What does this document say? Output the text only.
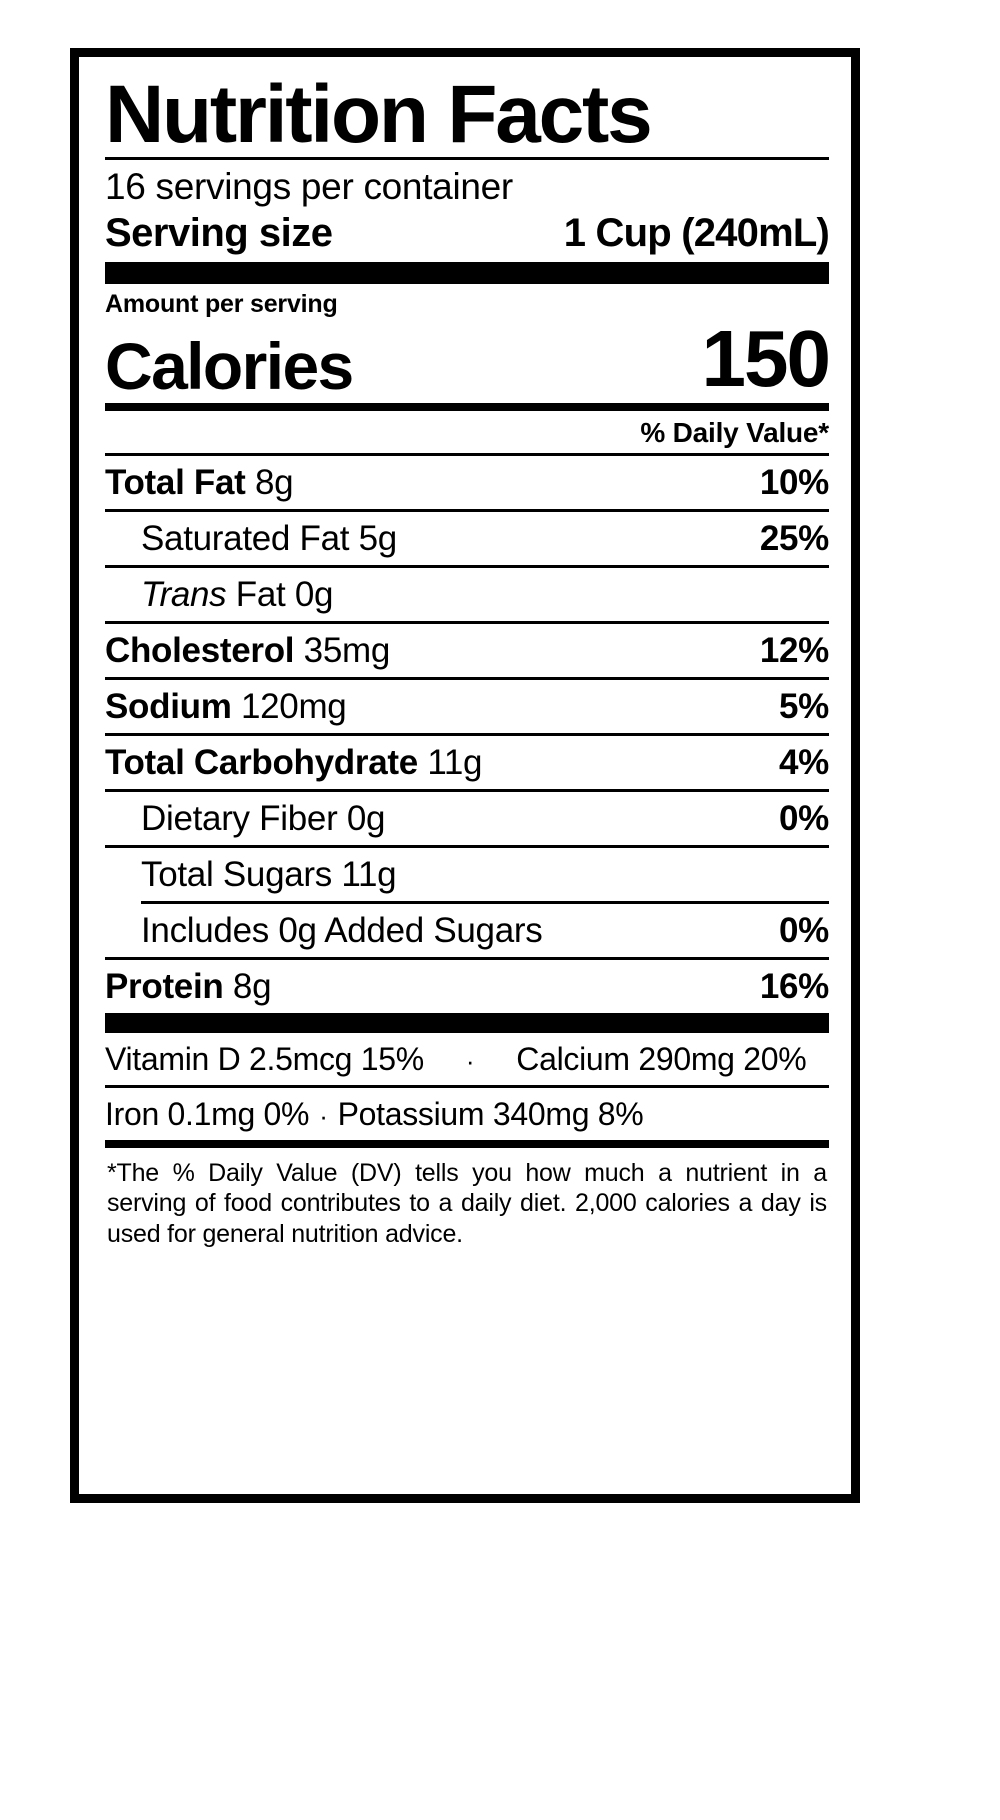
Nutrition Facts
16 servings per container
Serving size	1 Cup (240mL)
Amount per serving
Calories	150
% Daily Value*
Total Fat 8g	10%
Saturated Fat 5g	25%
Trans Fat 0g
Cholesterol 35mg	12%
Sodium 120mg	5%
Total Carbohydrate 11g	4%
Dietary Fiber 0g	0%
Total Sugars 11g
Includes 0g Added Sugars	0%
Protein 8g	16%
Vitamin D 2.5mcg 15% · Calcium 290mg 20%
Iron 0.1mg 0% · Potassium 340mg 8%
*The % Daily Value (DV) tells you how much a nutrient in a serving of food contributes to a daily diet. 2,000 calories a day is used for general nutrition advice.
